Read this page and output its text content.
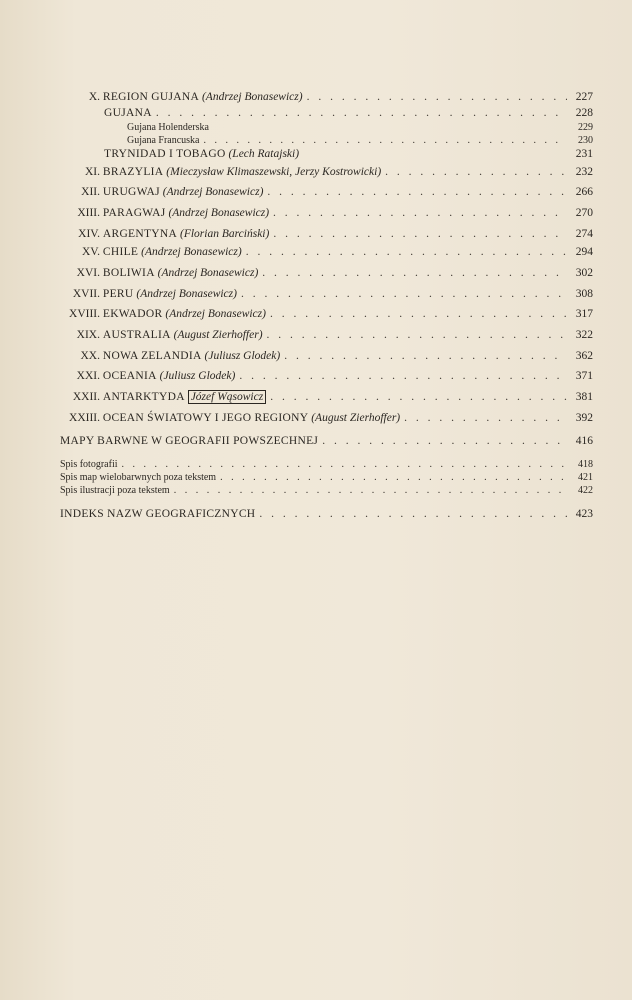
X. REGION GUJANA (Andrzej Bonasewicz) . . .	227
GUJANA . . .	228
Gujana Holenderska	229
Gujana Francuska . . .	230
TRYNIDAD I TOBAGO (Lech Ratajski)	231
XI. BRAZYLIA (Mieczysław Klimaszewski, Jerzy Kostrowicki) . . .	232
XII. URUGWAJ (Andrzej Bonasewicz) . . .	266
XIII. PARAGWAJ (Andrzej Bonasewicz) . . .	270
XIV. ARGENTYNA (Florian Barciński) . . .	274
XV. CHILE (Andrzej Bonasewicz) . . .	294
XVI. BOLIWIA (Andrzej Bonasewicz) . . .	302
XVII. PERU (Andrzej Bonasewicz) . . .	308
XVIII. EKWADOR (Andrzej Bonasewicz) . . .	317
XIX. AUSTRALIA (August Zierhoffer) . . .	322
XX. NOWA ZELANDIA (Juliusz Glodek) . . .	362
XXI. OCEANIA (Juliusz Glodek) . . .	371
XXII. ANTARKTYDA Józef Wąsowicz . . .	381
XXIII. OCEAN ŚWIATOWY I JEGO REGIONY (August Zierhoffer) . . .	392
MAPY BARWNE W GEOGRAFII POWSZECHNEJ . . .	416
Spis fotografii . . .	418
Spis map wielobarwnych poza tekstem . . .	421
Spis ilustracji poza tekstem . . .	422
INDEKS NAZW GEOGRAFICZNYCH . . .	423
